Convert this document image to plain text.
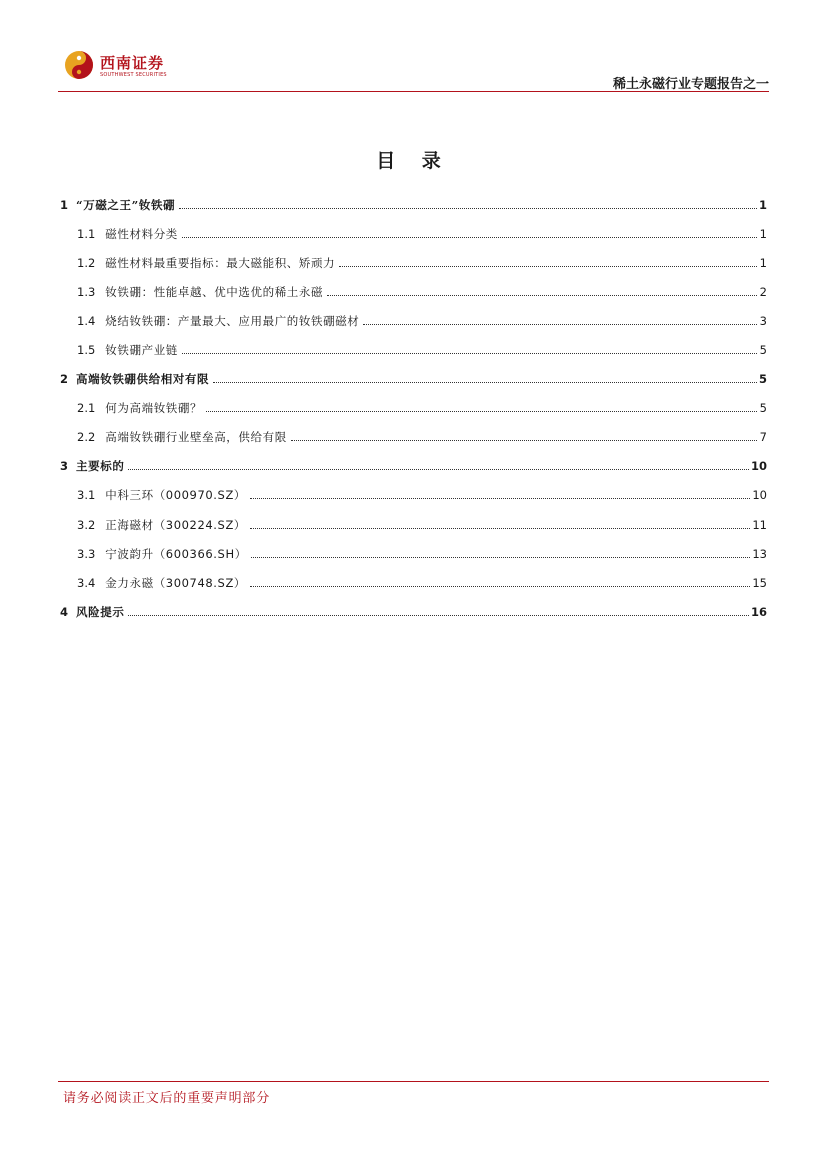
西南证券
SOUTHWEST SECURITIES
稀土永磁行业专题报告之一
目 录
1 “万磁之王”钕铁硼	1
1.1 磁性材料分类	1
1.2 磁性材料最重要指标：最大磁能积、矫顽力	1
1.3 钕铁硼：性能卓越、优中选优的稀土永磁	2
1.4 烧结钕铁硼：产量最大、应用最广的钕铁硼磁材	3
1.5 钕铁硼产业链	5
2 高端钕铁硼供给相对有限	5
2.1 何为高端钕铁硼？	5
2.2 高端钕铁硼行业壁垒高，供给有限	7
3 主要标的	10
3.1 中科三环（000970.SZ）	10
3.2 正海磁材（300224.SZ）	11
3.3 宁波韵升（600366.SH）	13
3.4 金力永磁（300748.SZ）	15
4 风险提示	16
请务必阅读正文后的重要声明部分
